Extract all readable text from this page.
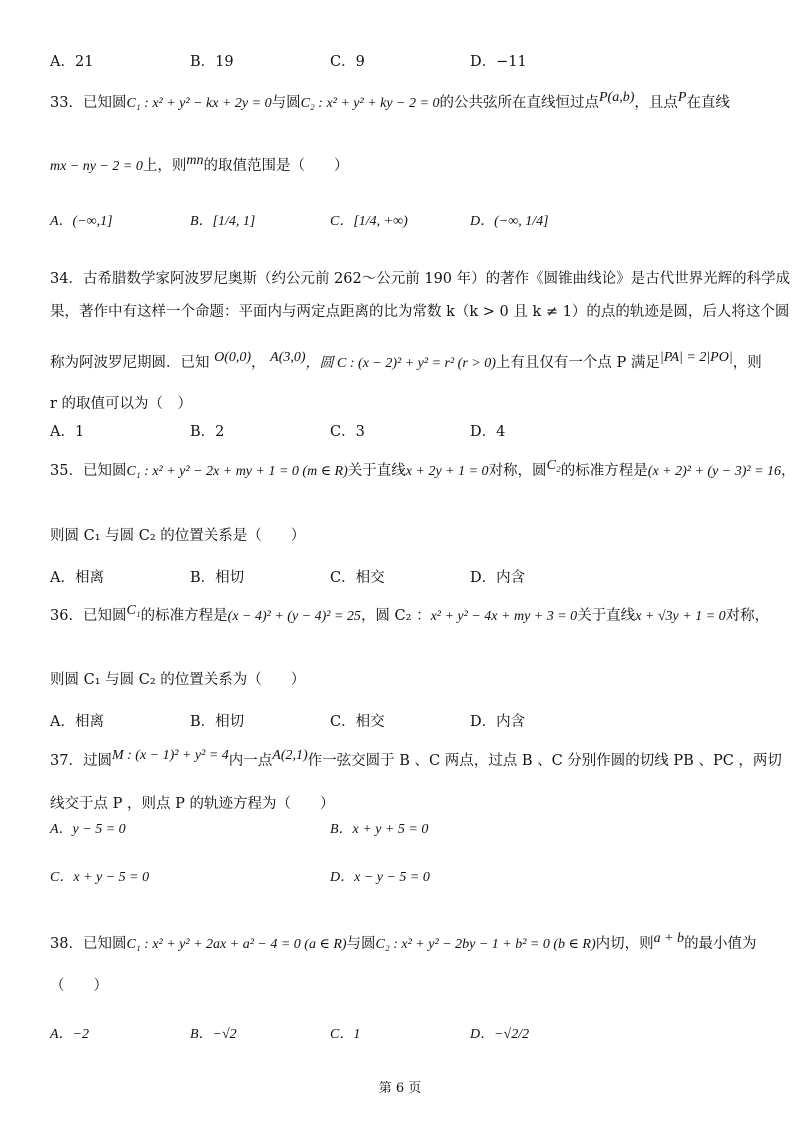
A．21	B．19	C．9	D．−11
33．已知圆C₁ : x² + y² − kx + 2y = 0与圆C₂ : x² + y² + ky − 2 = 0的公共弦所在直线恒过点P(a,b)，且点P在直线
mx − ny − 2 = 0上，则mn的取值范围是（　　）
A．(−∞,1]	B．[1/4, 1]	C．[1/4, +∞)	D．(−∞, 1/4]
34．古希腊数学家阿波罗尼奥斯（约公元前 262～公元前 190 年）的著作《圆锥曲线论》是古代世界光辉的科学成
果，著作中有这样一个命题：平面内与两定点距离的比为常数 k（k > 0 且 k ≠ 1）的点的轨迹是圆，后人将这个圆
称为阿波罗尼期圆．已知 O(0,0)， A(3,0)，圆 C : (x − 2)² + y² = r² (r > 0)上有且仅有一个点 P 满足|PA| = 2|PO|，则
r 的取值可以为（　）
A．1	B．2	C．3	D．4
35．已知圆C₁ : x² + y² − 2x + my + 1 = 0 (m ∈ R)关于直线x + 2y + 1 = 0对称，圆C₂的标准方程是(x + 2)² + (y − 3)² = 16，
则圆 C₁ 与圆 C₂ 的位置关系是（　　）
A．相离	B．相切	C．相交	D．内含
36．已知圆C₁的标准方程是(x − 4)² + (y − 4)² = 25，圆 C₂ ：x² + y² − 4x + my + 3 = 0关于直线x + √3y + 1 = 0对称，
则圆 C₁ 与圆 C₂ 的位置关系为（　　）
A．相离	B．相切	C．相交	D．内含
37．过圆M : (x − 1)² + y² = 4内一点A(2,1)作一弦交圆于 B 、C 两点，过点 B 、C 分别作圆的切线 PB 、PC ，两切
线交于点 P ，则点 P 的轨迹方程为（　　）
A．y − 5 = 0	B．x + y + 5 = 0
C．x + y − 5 = 0	D．x − y − 5 = 0
38．已知圆C₁ : x² + y² + 2ax + a² − 4 = 0 (a ∈ R)与圆C₂ : x² + y² − 2by − 1 + b² = 0 (b ∈ R)内切，则a + b的最小值为
（　　）
A．−2	B．−√2	C．1	D．−√2/2
第 6 页
